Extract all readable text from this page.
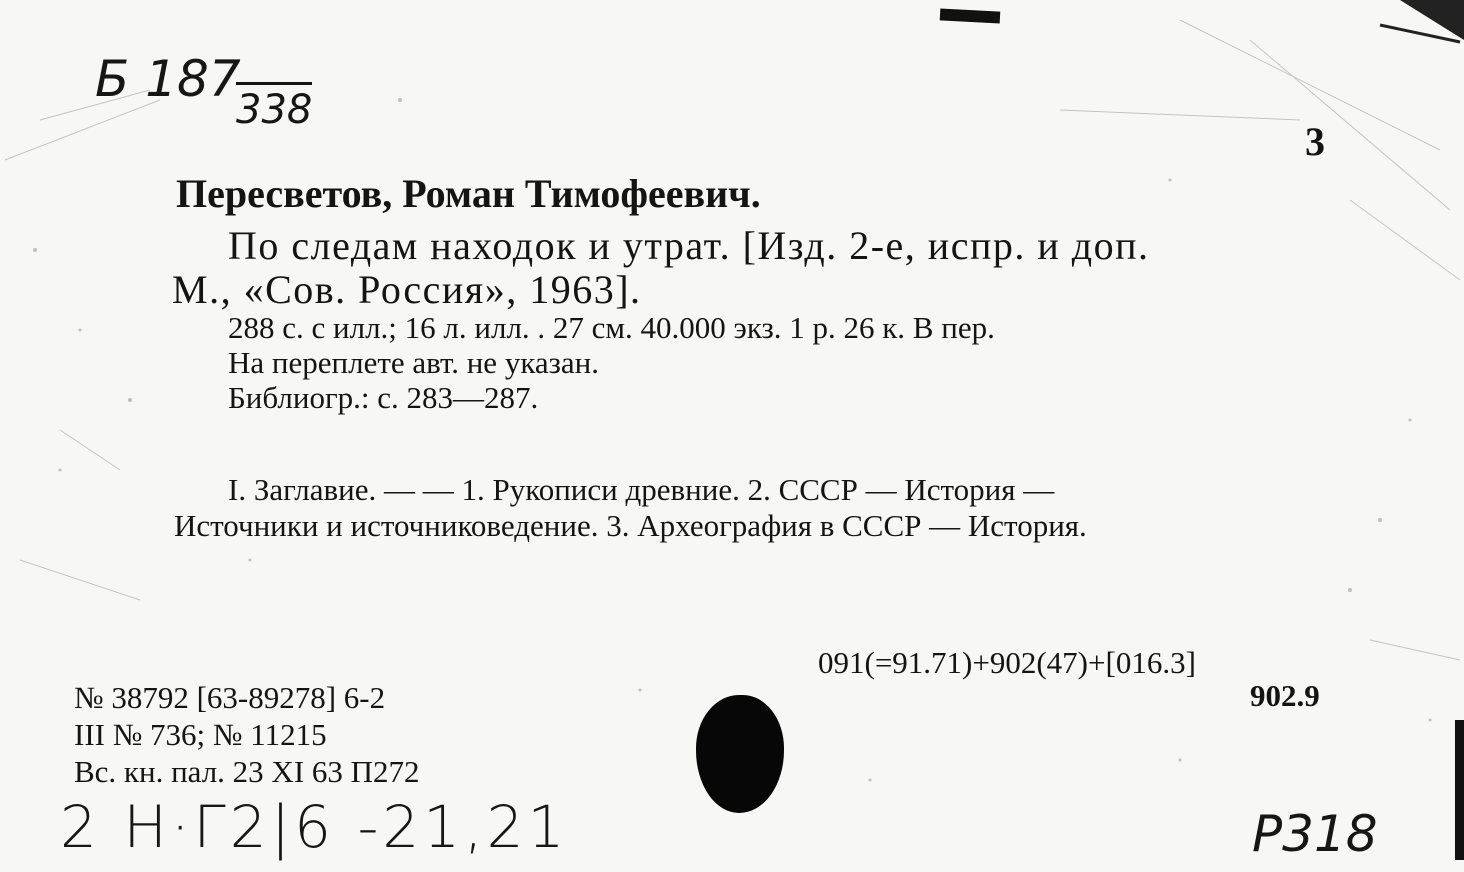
Б 187
338
3
Пересветов, Роман Тимофеевич.
По следам находок и утрат. [Изд. 2-е, испр. и доп.
М., «Сов. Россия», 1963].
288 с. с илл.; 16 л. илл. . 27 см. 40.000 экз. 1 р. 26 к. В пер.
На переплете авт. не указан.
Библиогр.: с. 283—287.
I. Заглавие. — — 1. Рукописи древние. 2. СССР — История —
Источники и источниковедение. 3. Археография в СССР — История.
091(=91.71)+902(47)+[016.3]
902.9
№ 38792 [63-89278] 6-2
III № 736; № 11215
Вс. кн. пал. 23 XI 63 П272
2 Н·Г2|6 -21,21	P318
